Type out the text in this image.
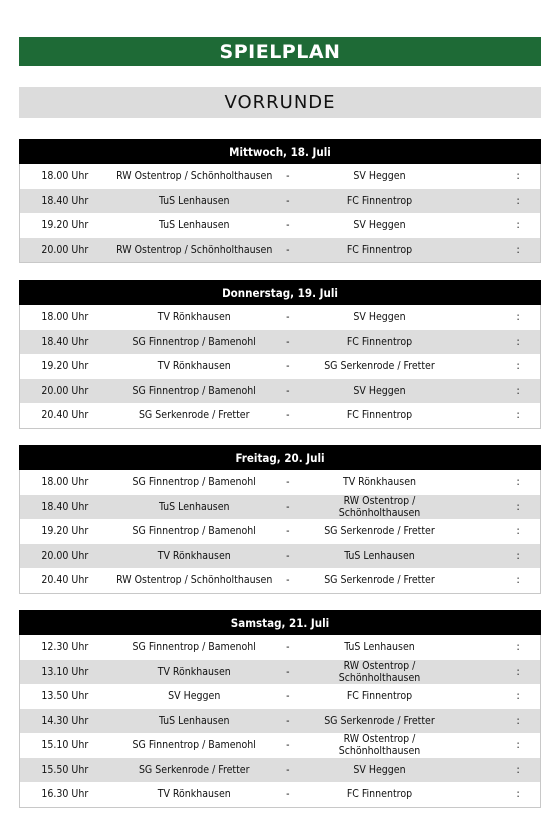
SPIELPLAN
VORRUNDE
Mittwoch, 18. Juli
18.00 Uhr	RW Ostentrop / Schönholthausen	-	SV Heggen	:
18.40 Uhr	TuS Lenhausen	-	FC Finnentrop	:
19.20 Uhr	TuS Lenhausen	-	SV Heggen	:
20.00 Uhr	RW Ostentrop / Schönholthausen	-	FC Finnentrop	:
Donnerstag, 19. Juli
18.00 Uhr	TV Rönkhausen	-	SV Heggen	:
18.40 Uhr	SG Finnentrop / Bamenohl	-	FC Finnentrop	:
19.20 Uhr	TV Rönkhausen	-	SG Serkenrode / Fretter	:
20.00 Uhr	SG Finnentrop / Bamenohl	-	SV Heggen	:
20.40 Uhr	SG Serkenrode / Fretter	-	FC Finnentrop	:
Freitag, 20. Juli
18.00 Uhr	SG Finnentrop / Bamenohl	-	TV Rönkhausen	:
18.40 Uhr	TuS Lenhausen	-	RW Ostentrop / Schönholthausen	:
19.20 Uhr	SG Finnentrop / Bamenohl	-	SG Serkenrode / Fretter	:
20.00 Uhr	TV Rönkhausen	-	TuS Lenhausen	:
20.40 Uhr	RW Ostentrop / Schönholthausen	-	SG Serkenrode / Fretter	:
Samstag, 21. Juli
12.30 Uhr	SG Finnentrop / Bamenohl	-	TuS Lenhausen	:
13.10 Uhr	TV Rönkhausen	-	RW Ostentrop / Schönholthausen	:
13.50 Uhr	SV Heggen	-	FC Finnentrop	:
14.30 Uhr	TuS Lenhausen	-	SG Serkenrode / Fretter	:
15.10 Uhr	SG Finnentrop / Bamenohl	-	RW Ostentrop / Schönholthausen	:
15.50 Uhr	SG Serkenrode / Fretter	-	SV Heggen	:
16.30 Uhr	TV Rönkhausen	-	FC Finnentrop	:
